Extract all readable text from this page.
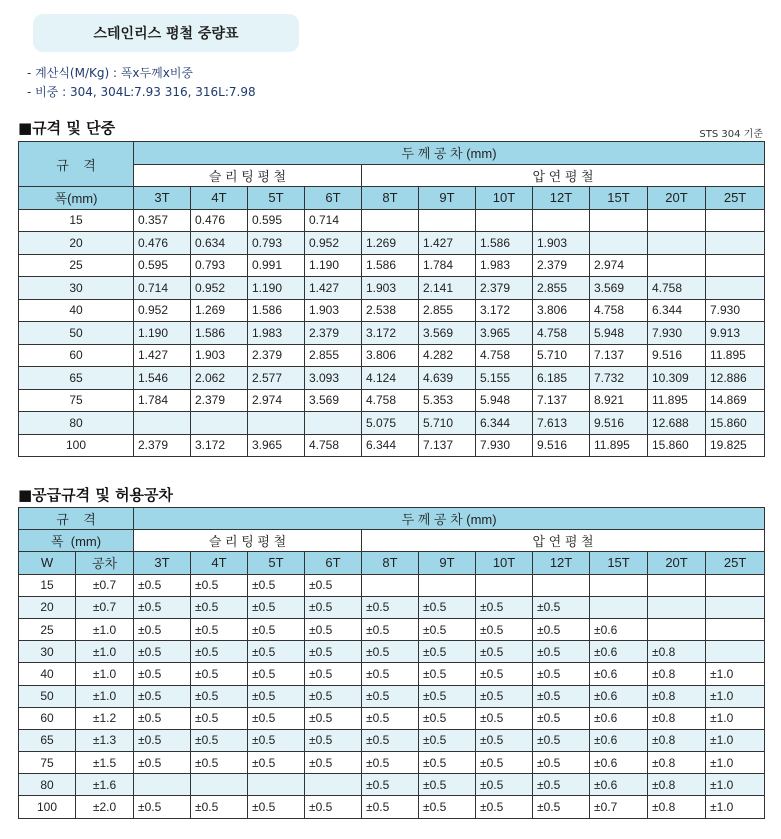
스테인리스 평철 중량표
- 계산식(M/Kg) : 폭x두께x비중
- 비중 : 304, 304L:7.93 316, 316L:7.98
■규격 및 단중	STS 304 기준
규    격	두 께 공 차 (mm)										
	슬 리 팅 평 철				압 연 평 철						
폭(mm)	3T	4T	5T	6T	8T	9T	10T	12T	15T	20T	25T
15	0.357	0.476	0.595	0.714							
20	0.476	0.634	0.793	0.952	1.269	1.427	1.586	1.903			
25	0.595	0.793	0.991	1.190	1.586	1.784	1.983	2.379	2.974		
30	0.714	0.952	1.190	1.427	1.903	2.141	2.379	2.855	3.569	4.758	
40	0.952	1.269	1.586	1.903	2.538	2.855	3.172	3.806	4.758	6.344	7.930
50	1.190	1.586	1.983	2.379	3.172	3.569	3.965	4.758	5.948	7.930	9.913
60	1.427	1.903	2.379	2.855	3.806	4.282	4.758	5.710	7.137	9.516	11.895
65	1.546	2.062	2.577	3.093	4.124	4.639	5.155	6.185	7.732	10.309	12.886
75	1.784	2.379	2.974	3.569	4.758	5.353	5.948	7.137	8.921	11.895	14.869
80					5.075	5.710	6.344	7.613	9.516	12.688	15.860
100	2.379	3.172	3.965	4.758	6.344	7.137	7.930	9.516	11.895	15.860	19.825
■공급규격 및 허용공차
규    격		두 께 공 차 (mm)										
폭  (mm)		슬 리 팅 평 철				압 연 평 철						
W	공차	3T	4T	5T	6T	8T	9T	10T	12T	15T	20T	25T
15	±0.7	±0.5	±0.5	±0.5	±0.5							
20	±0.7	±0.5	±0.5	±0.5	±0.5	±0.5	±0.5	±0.5	±0.5			
25	±1.0	±0.5	±0.5	±0.5	±0.5	±0.5	±0.5	±0.5	±0.5	±0.6		
30	±1.0	±0.5	±0.5	±0.5	±0.5	±0.5	±0.5	±0.5	±0.5	±0.6	±0.8	
40	±1.0	±0.5	±0.5	±0.5	±0.5	±0.5	±0.5	±0.5	±0.5	±0.6	±0.8	±1.0
50	±1.0	±0.5	±0.5	±0.5	±0.5	±0.5	±0.5	±0.5	±0.5	±0.6	±0.8	±1.0
60	±1.2	±0.5	±0.5	±0.5	±0.5	±0.5	±0.5	±0.5	±0.5	±0.6	±0.8	±1.0
65	±1.3	±0.5	±0.5	±0.5	±0.5	±0.5	±0.5	±0.5	±0.5	±0.6	±0.8	±1.0
75	±1.5	±0.5	±0.5	±0.5	±0.5	±0.5	±0.5	±0.5	±0.5	±0.6	±0.8	±1.0
80	±1.6					±0.5	±0.5	±0.5	±0.5	±0.6	±0.8	±1.0
100	±2.0	±0.5	±0.5	±0.5	±0.5	±0.5	±0.5	±0.5	±0.5	±0.7	±0.8	±1.0
